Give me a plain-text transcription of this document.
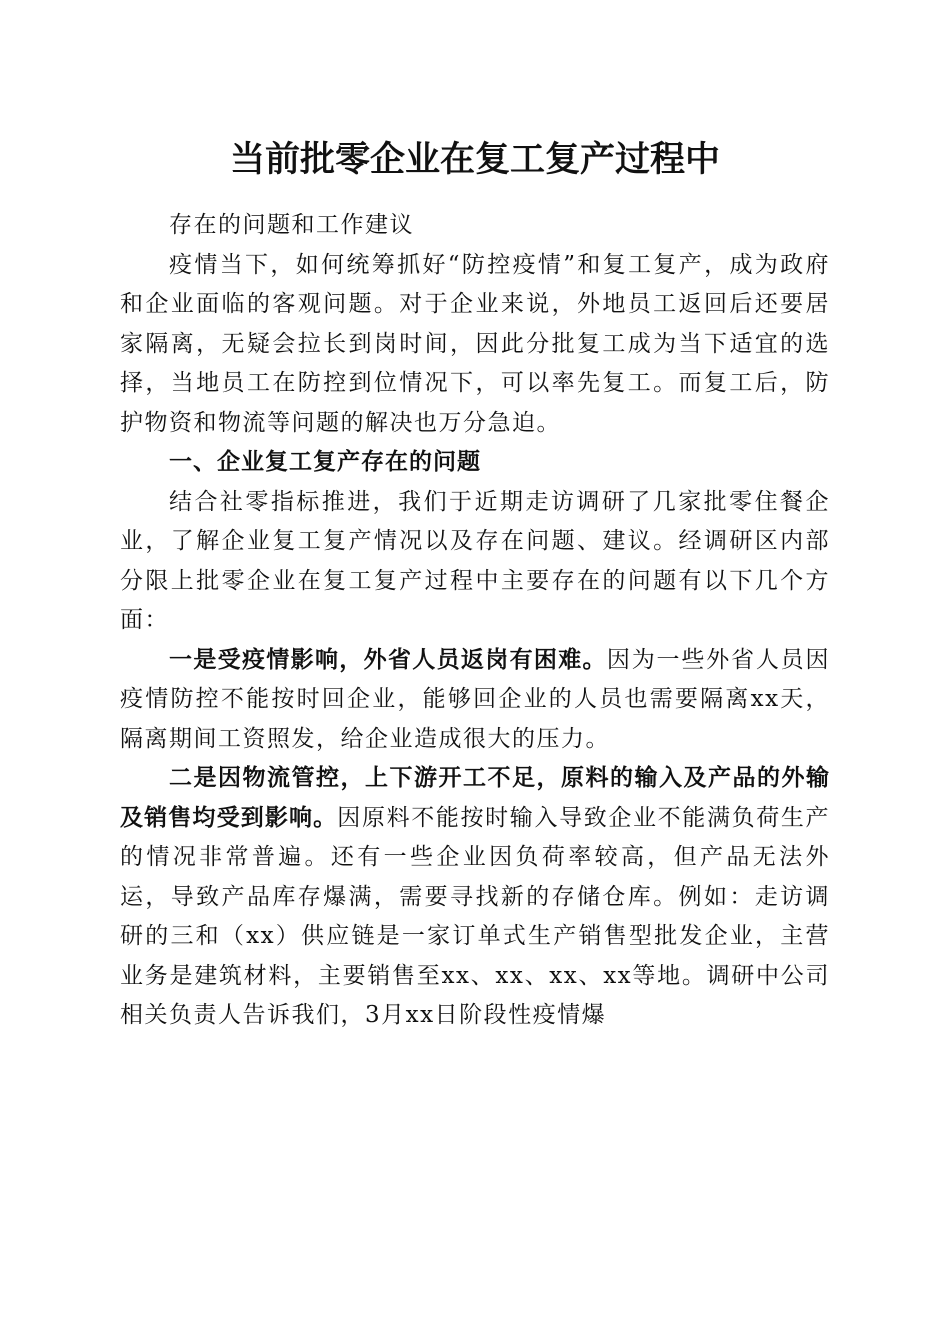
当前批零企业在复工复产过程中

存在的问题和工作建议

疫情当下，如何统筹抓好“防控疫情”和复工复产，成为政府和企业面临的客观问题。对于企业来说，外地员工返回后还要居家隔离，无疑会拉长到岗时间，因此分批复工成为当下适宜的选择，当地员工在防控到位情况下，可以率先复工。而复工后，防护物资和物流等问题的解决也万分急迫。

一、企业复工复产存在的问题

结合社零指标推进，我们于近期走访调研了几家批零住餐企业，了解企业复工复产情况以及存在问题、建议。经调研区内部分限上批零企业在复工复产过程中主要存在的问题有以下几个方面：

一是受疫情影响，外省人员返岗有困难。因为一些外省人员因疫情防控不能按时回企业，能够回企业的人员也需要隔离xx天，隔离期间工资照发，给企业造成很大的压力。

二是因物流管控，上下游开工不足，原料的输入及产品的外输及销售均受到影响。因原料不能按时输入导致企业不能满负荷生产的情况非常普遍。还有一些企业因负荷率较高，但产品无法外运，导致产品库存爆满，需要寻找新的存储仓库。例如：走访调研的三和（xx）供应链是一家订单式生产销售型批发企业，主营业务是建筑材料，主要销售至xx、xx、xx、xx等地。调研中公司相关负责人告诉我们，3月xx日阶段性疫情爆
